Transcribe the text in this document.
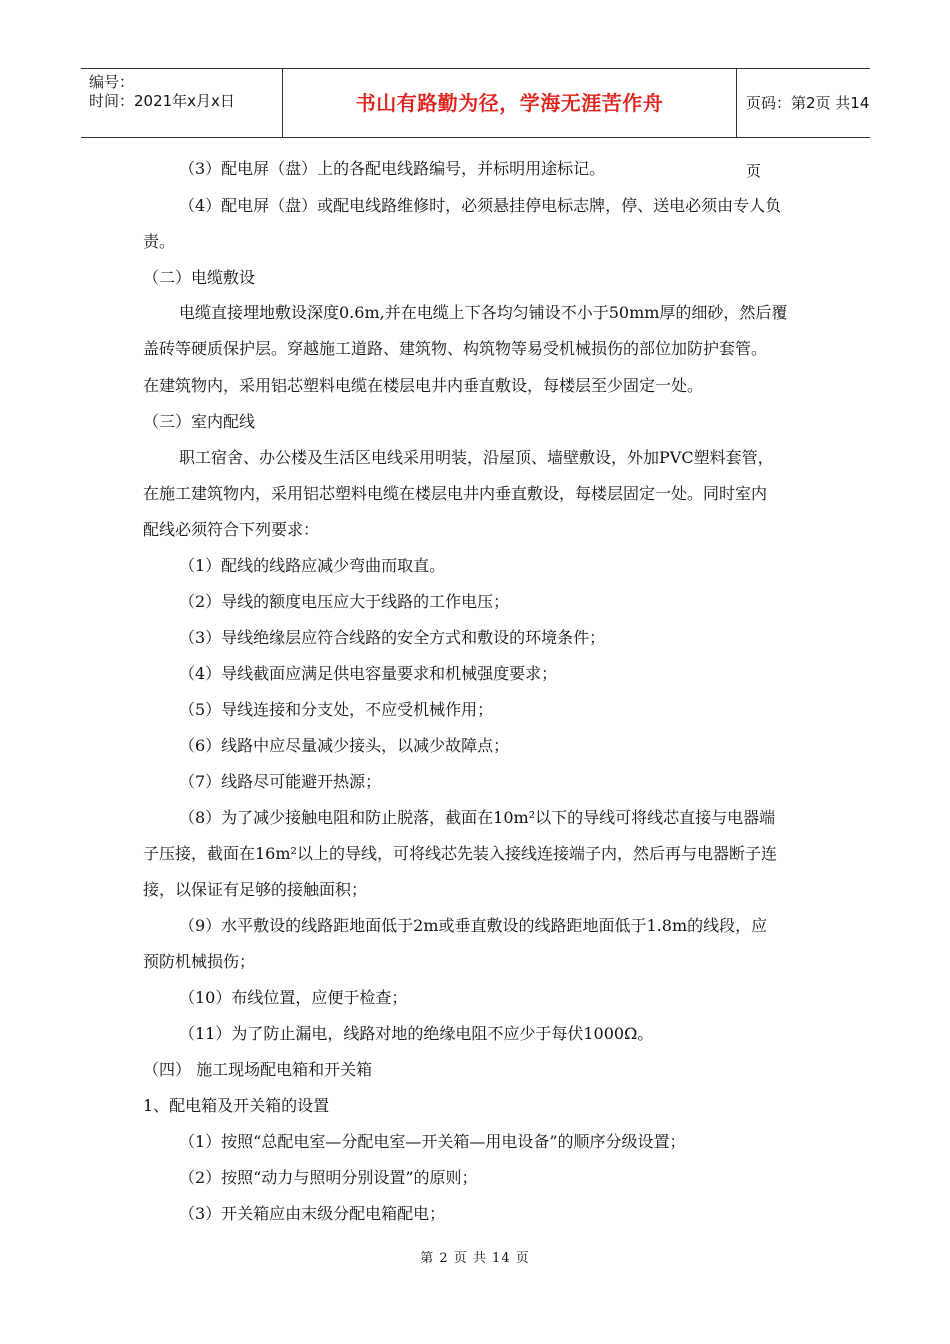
编号：
时间：2021年x月x日	书山有路勤为径，学海无涯苦作舟	页码：第2页 共14页
（3）配电屏（盘）上的各配电线路编号，并标明用途标记。
（4）配电屏（盘）或配电线路维修时，必须悬挂停电标志牌，停、送电必须由专人负
责。
（二）电缆敷设
电缆直接埋地敷设深度0.6m,并在电缆上下各均匀铺设不小于50mm厚的细砂，然后覆
盖砖等硬质保护层。穿越施工道路、建筑物、构筑物等易受机械损伤的部位加防护套管。
在建筑物内，采用铝芯塑料电缆在楼层电井内垂直敷设，每楼层至少固定一处。
（三）室内配线
职工宿舍、办公楼及生活区电线采用明装，沿屋顶、墙壁敷设，外加PVC塑料套管，
在施工建筑物内，采用铝芯塑料电缆在楼层电井内垂直敷设，每楼层固定一处。同时室内
配线必须符合下列要求：
（1）配线的线路应减少弯曲而取直。
（2）导线的额度电压应大于线路的工作电压；
（3）导线绝缘层应符合线路的安全方式和敷设的环境条件；
（4）导线截面应满足供电容量要求和机械强度要求；
（5）导线连接和分支处，不应受机械作用；
（6）线路中应尽量减少接头，以减少故障点；
（7）线路尽可能避开热源；
（8）为了减少接触电阻和防止脱落，截面在10m²以下的导线可将线芯直接与电器端
子压接，截面在16m²以上的导线，可将线芯先装入接线连接端子内，然后再与电器断子连
接，以保证有足够的接触面积；
（9）水平敷设的线路距地面低于2m或垂直敷设的线路距地面低于1.8m的线段，应
预防机械损伤；
（10）布线位置，应便于检查；
（11）为了防止漏电，线路对地的绝缘电阻不应少于每伏1000Ω。
（四） 施工现场配电箱和开关箱
1、配电箱及开关箱的设置
（1）按照“总配电室—分配电室—开关箱—用电设备”的顺序分级设置；
（2）按照“动力与照明分别设置”的原则；
（3）开关箱应由末级分配电箱配电；
第 2 页 共 14 页
